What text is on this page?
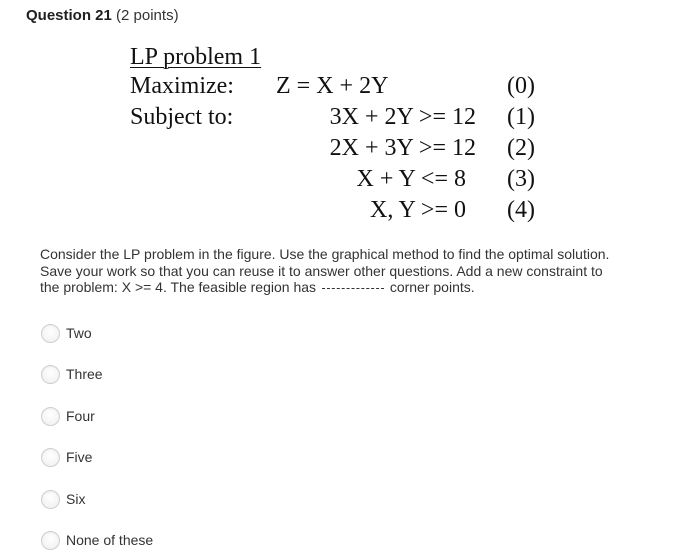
Question 21 (2 points)
LP problem 1
Maximize: Z = X + 2Y	(0)
Subject to:	3X + 2Y >= 12 (1)
2X + 3Y >= 12 (2)
X + Y <= 8 (3)
X, Y >= 0 (4)

Consider the LP problem in the figure. Use the graphical method to find the optimal solution.

Save your work so that you can reuse it to answer other questions. Add a new constraint to

the problem: X >= 4. The feasible region has	corner points.

Two
Three
Four
Five
Six
None of these
